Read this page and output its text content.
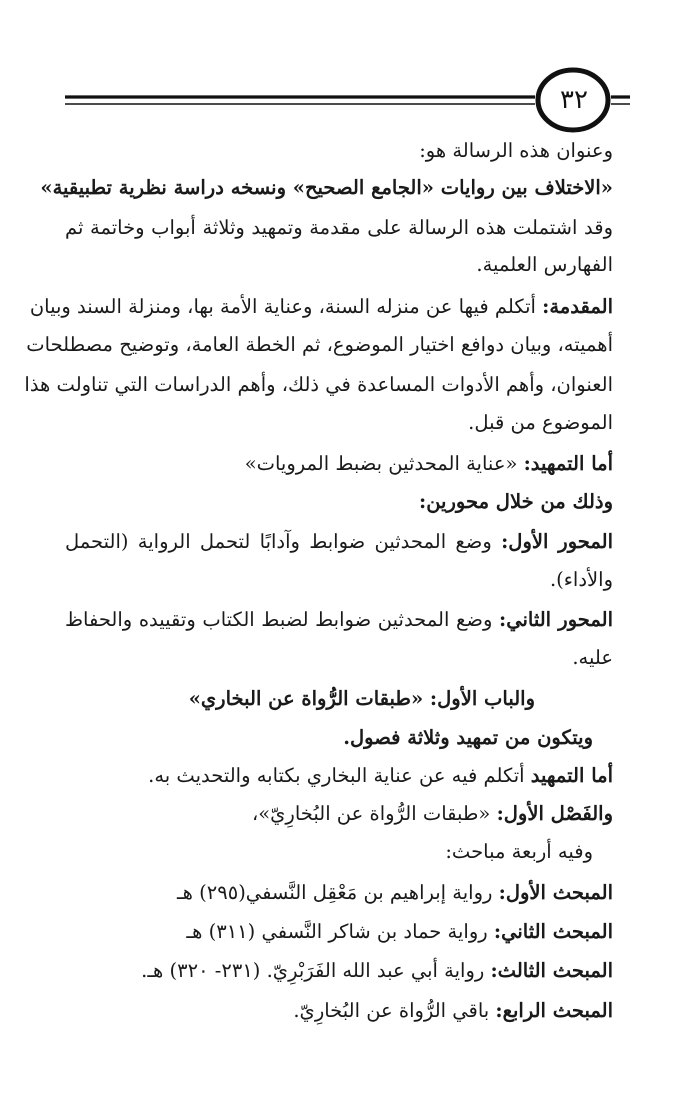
٣٢
وعنوان هذه الرسالة هو:
«الاختلاف بين روايات «الجامع الصحيح» ونسخه دراسة نظرية تطبيقية»
وقد اشتملت هذه الرسالة على مقدمة وتمهيد وثلاثة أبواب وخاتمة ثم
الفهارس العلمية.
المقدمة: أتكلم فيها عن منزله السنة، وعناية الأمة بها، ومنزلة السند وبيان
أهميته، وبيان دوافع اختيار الموضوع، ثم الخطة العامة، وتوضيح مصطلحات
العنوان، وأهم الأدوات المساعدة في ذلك، وأهم الدراسات التي تناولت هذا
الموضوع من قبل.
أما التمهيد: «عناية المحدثين بضبط المرويات»
وذلك من خلال محورين:
المحور الأول: وضع المحدثين ضوابط وآدابًا لتحمل الرواية (التحمل
والأداء).
المحور الثاني: وضع المحدثين ضوابط لضبط الكتاب وتقييده والحفاظ
عليه.
والباب الأول: «طبقات الرُّواة عن البخاري»
ويتكون من تمهيد وثلاثة فصول.
أما التمهيد أتكلم فيه عن عناية البخاري بكتابه والتحديث به.
والفَصْل الأول: «طبقات الرُّواة عن البُخارِيّ»،
وفيه أربعة مباحث:
المبحث الأول: رواية إبراهيم بن مَعْقِل النَّسفي(٢٩٥) هـ
المبحث الثاني: رواية حماد بن شاكر النَّسفي (٣١١) هـ
المبحث الثالث: رواية أبي عبد الله الفَرَبْرِيّ. (٢٣١- ٣٢٠) هـ.
المبحث الرابع: باقي الرُّواة عن البُخارِيّ.
